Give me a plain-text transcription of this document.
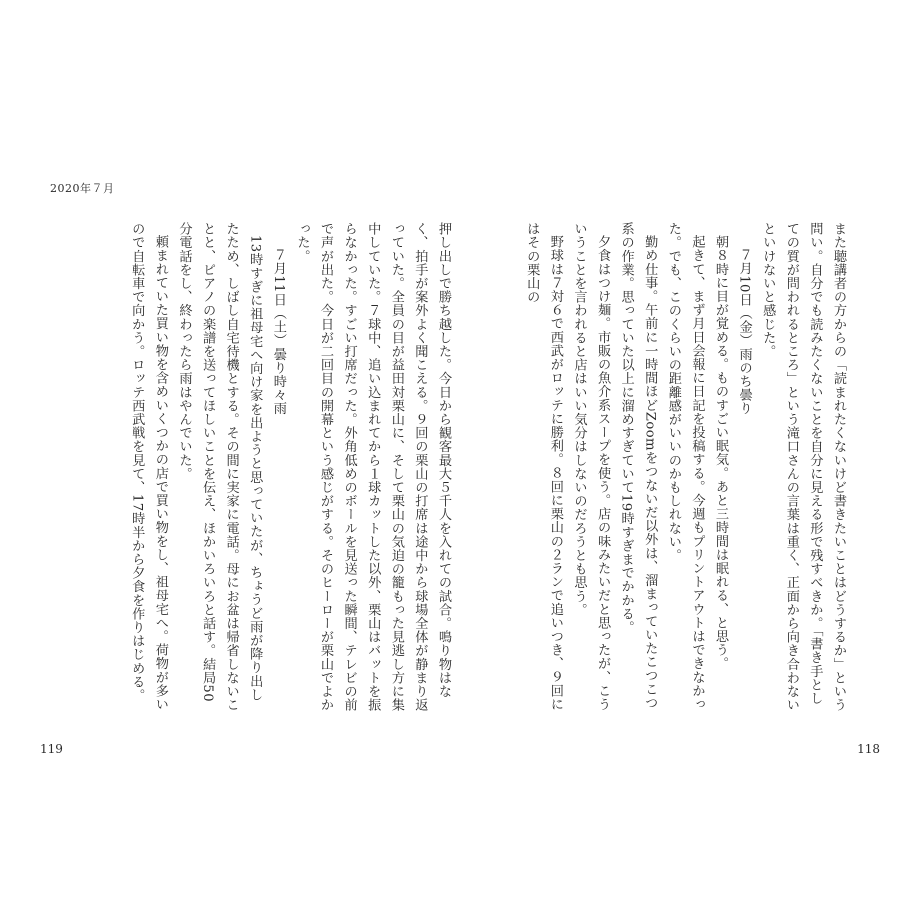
2020年７月

押し出しで勝ち越した。今日から観客最大５千人を入れての試合。鳴り物はなく、拍手が案外よく聞こえる。９回の栗山の打席は途中から球場全体が静まり返っていた。全員の目が益田対栗山に、そして栗山の気迫の籠もった見逃し方に集中していた。７球中、追い込まれてから１球カットした以外、栗山はバットを振らなかった。すごい打席だった。外角低めのボールを見送った瞬間、テレビの前で声が出た。今日が二回目の開幕という感じがする。そのヒーローが栗山でよかった。

７月11日（土）曇り時々雨

13時すぎに祖母宅へ向け家を出ようと思っていたが、ちょうど雨が降り出したため、しばし自宅待機とする。その間に実家に電話。母にお盆は帰省しないことと、ピアノの楽譜を送ってほしいことを伝え、ほかいろいろと話す。結局50分電話をし、終わったら雨はやんでいた。

頼まれていた買い物を含めいくつかの店で買い物をし、祖母宅へ。荷物が多いので自転車で向かう。ロッテ西武戦を見て、17時半から夕食を作りはじめる。	また聴講者の方からの「読まれたくないけど書きたいことはどうするか」という問い。自分でも読みたくないことを自分に見える形で残すべきか。「書き手としての質が問われるところ」という滝口さんの言葉は重く、正面から向き合わないといけないと感じた。

７月10日（金）雨のち曇り

朝８時に目が覚める。ものすごい眠気。あと三時間は眠れる、と思う。

起きて、まず月日会報に日記を投稿する。今週もプリントアウトはできなかった。でも、このくらいの距離感がいいのかもしれない。

勤め仕事。午前に一時間ほどZoomをつないだ以外は、溜まっていたこつこつ系の作業。思っていた以上に溜めすぎていて19時すぎまでかかる。

夕食はつけ麺。市販の魚介系スープを使う。店の味みたいだと思ったが、こういうことを言われると店はいい気分はしないのだろうとも思う。

野球は７対６で西武がロッテに勝利。８回に栗山の２ランで追いつき、９回にはその栗山の

119	118
